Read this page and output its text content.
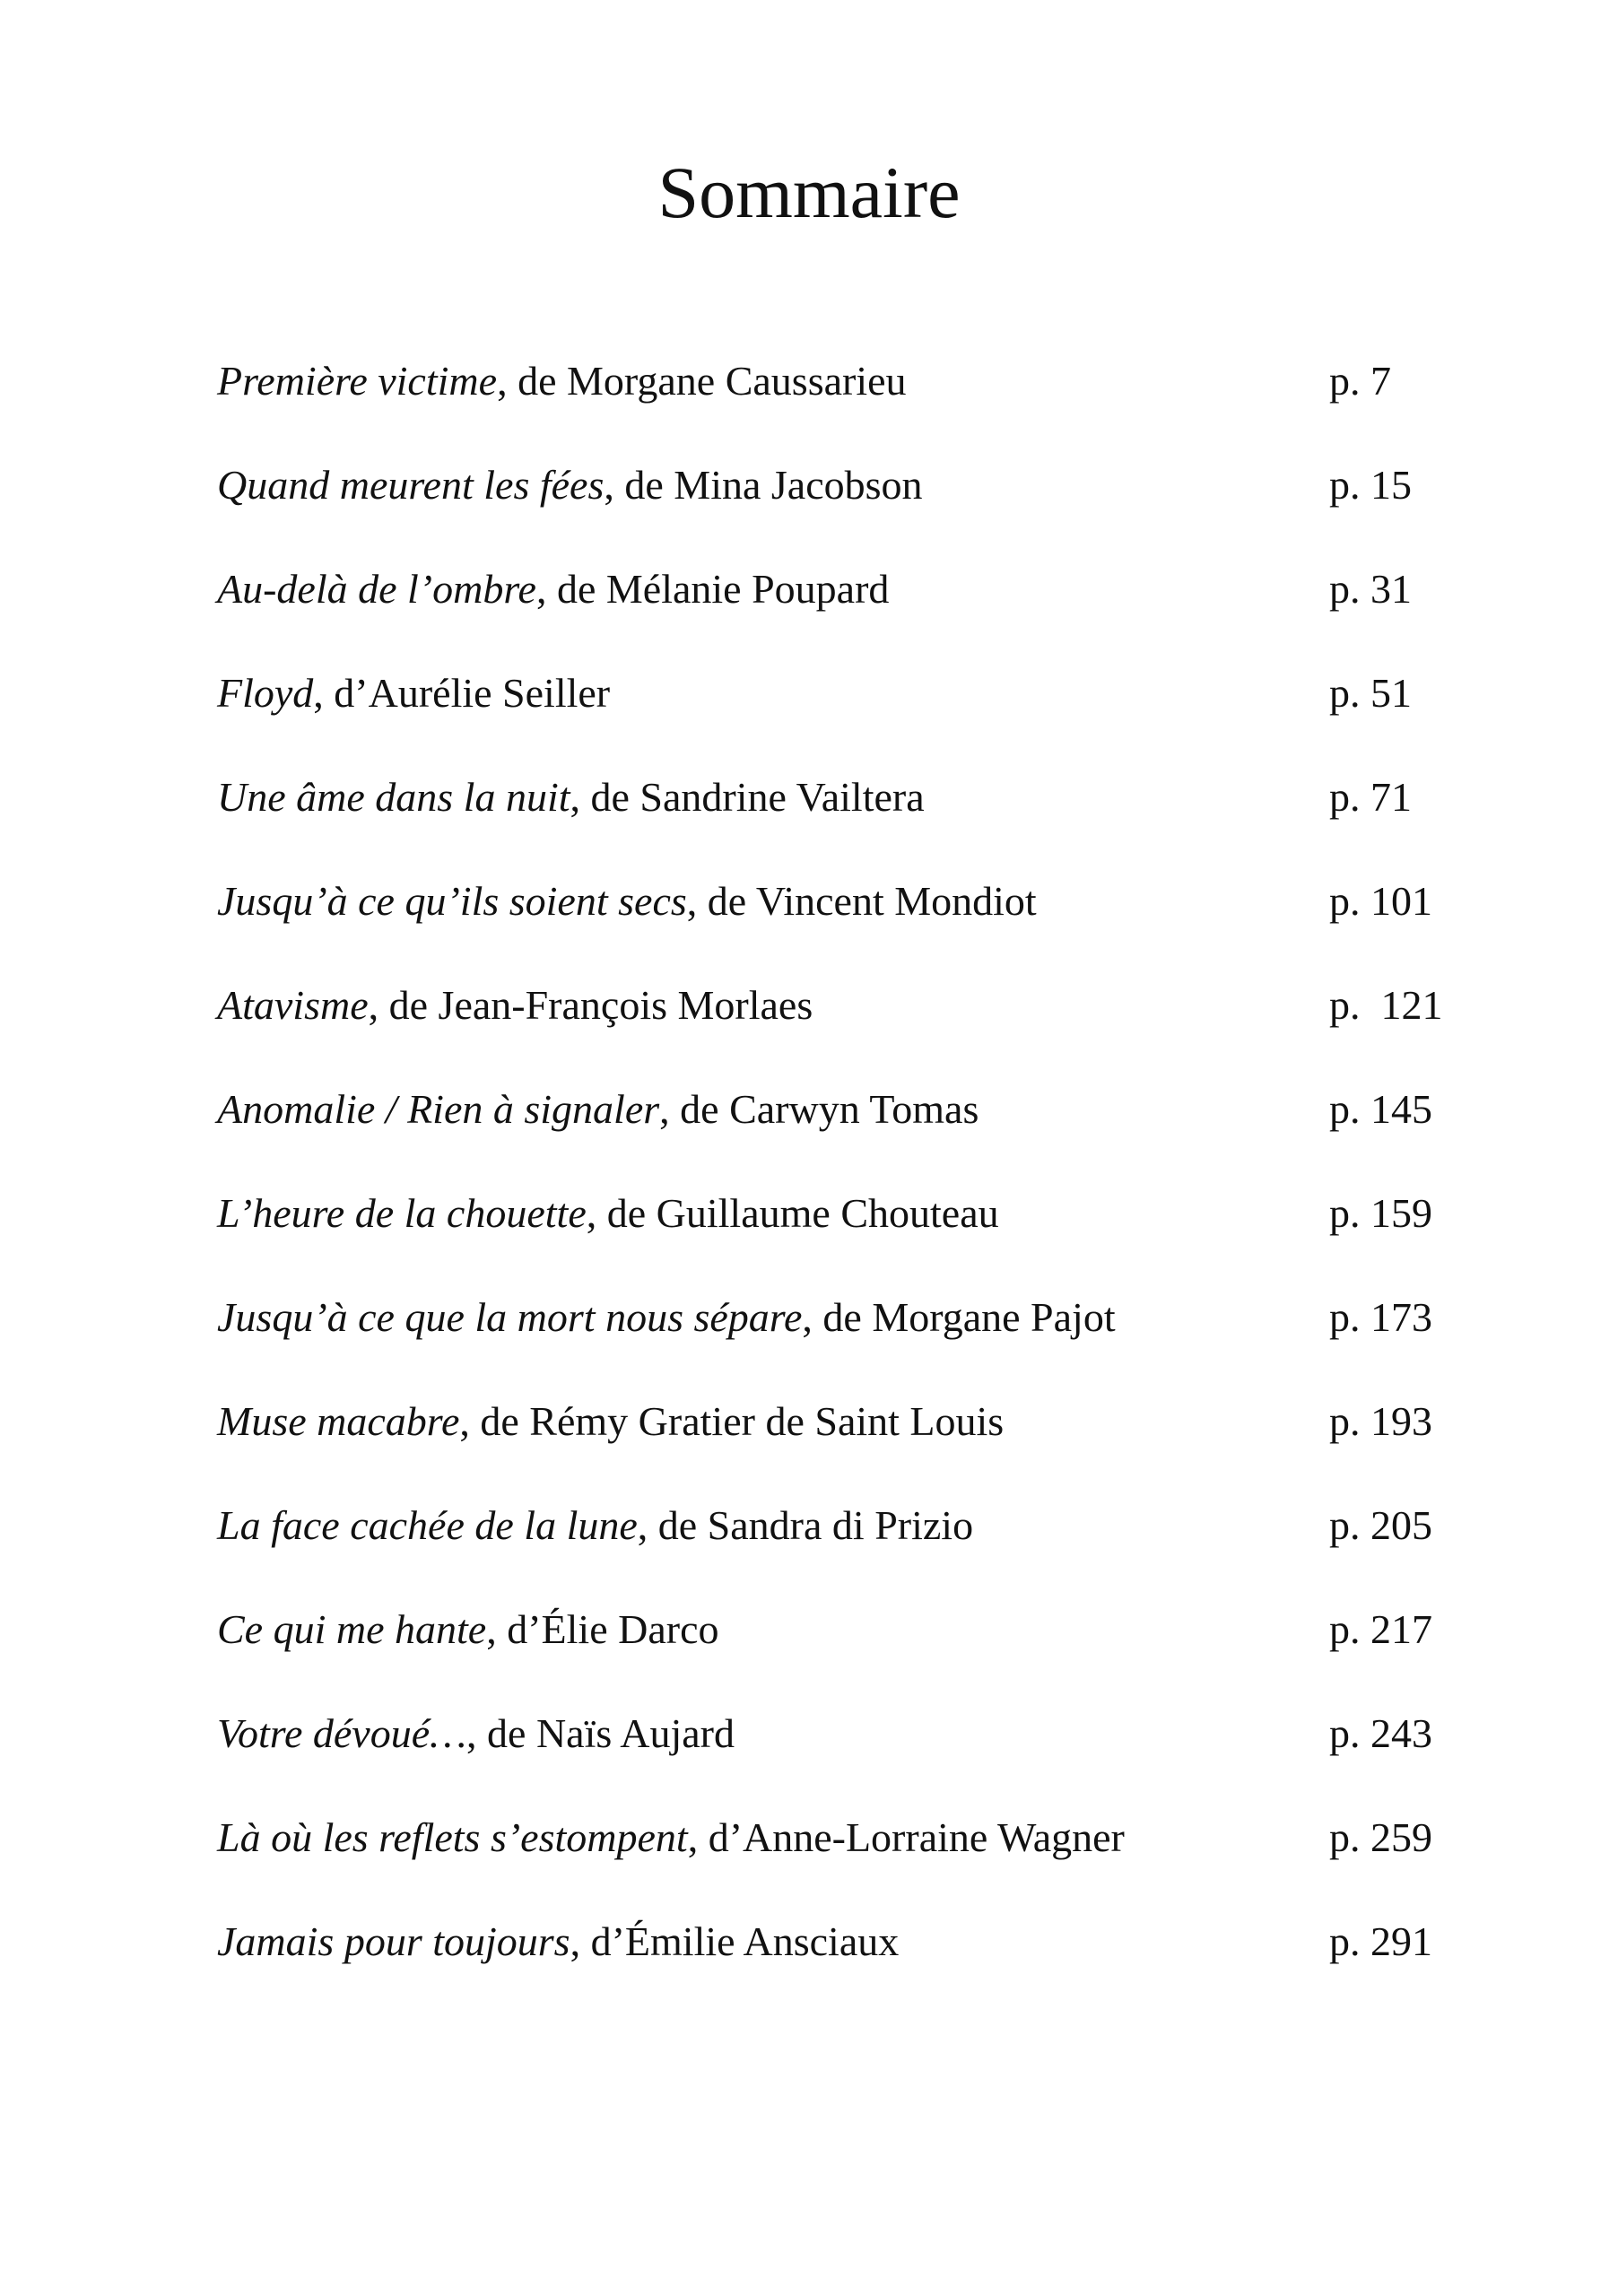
Sommaire
Première victime, de Morgane Caussarieu	p. 7
Quand meurent les fées, de Mina Jacobson	p. 15
Au-delà de l’ombre, de Mélanie Poupard	p. 31
Floyd, d’Aurélie Seiller	p. 51
Une âme dans la nuit, de Sandrine Vailtera	p. 71
Jusqu’à ce qu’ils soient secs, de Vincent Mondiot	p. 101
Atavisme, de Jean-François Morlaes	p.  121
Anomalie / Rien à signaler, de Carwyn Tomas	p. 145
L’heure de la chouette, de Guillaume Chouteau	p. 159
Jusqu’à ce que la mort nous sépare, de Morgane Pajot	p. 173
Muse macabre, de Rémy Gratier de Saint Louis	p. 193
La face cachée de la lune, de Sandra di Prizio	p. 205
Ce qui me hante, d’Élie Darco	p. 217
Votre dévoué…, de Naïs Aujard	p. 243
Là où les reflets s’estompent, d’Anne-Lorraine Wagner	p. 259
Jamais pour toujours, d’Émilie Ansciaux	p. 291
